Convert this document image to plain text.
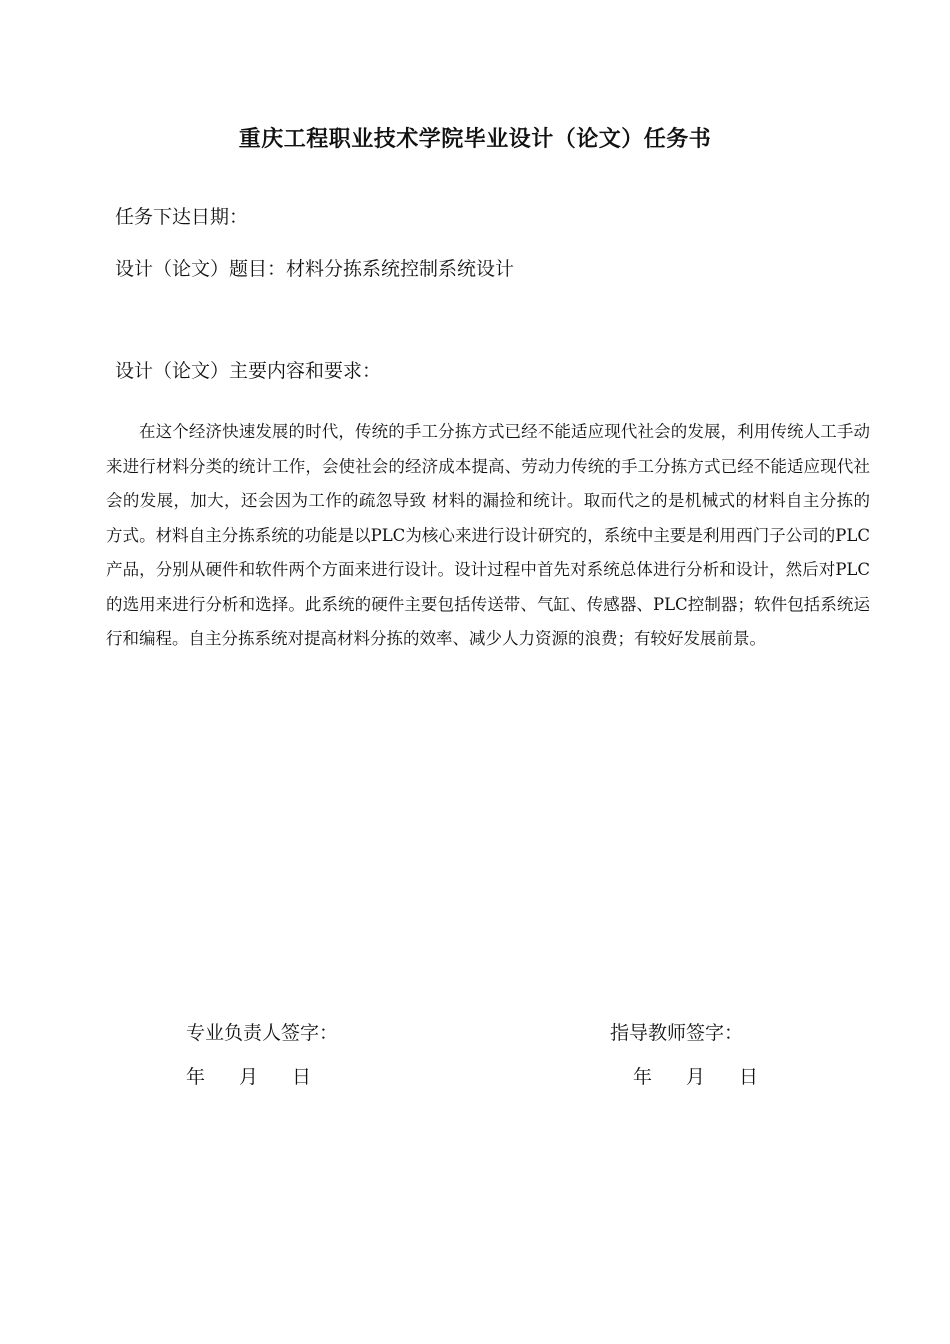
重庆工程职业技术学院毕业设计（论文）任务书
任务下达日期：
设计（论文）题目：材料分拣系统控制系统设计
设计（论文）主要内容和要求：
在这个经济快速发展的时代，传统的手工分拣方式已经不能适应现代社会的发展，利用传统人工手动来进行材料分类的统计工作，会使社会的经济成本提高、劳动力传统的手工分拣方式已经不能适应现代社会的发展，加大，还会因为工作的疏忽导致 材料的漏捡和统计。取而代之的是机械式的材料自主分拣的方式。材料自主分拣系统的功能是以PLC为核心来进行设计研究的，系统中主要是利用西门子公司的PLC产品，分别从硬件和软件两个方面来进行设计。设计过程中首先对系统总体进行分析和设计，然后对PLC的选用来进行分析和选择。此系统的硬件主要包括传送带、气缸、传感器、PLC控制器；软件包括系统运行和编程。自主分拣系统对提高材料分拣的效率、减少人力资源的浪费；有较好发展前景。
专业负责人签字：	指导教师签字：
年 月 日	年 月 日
